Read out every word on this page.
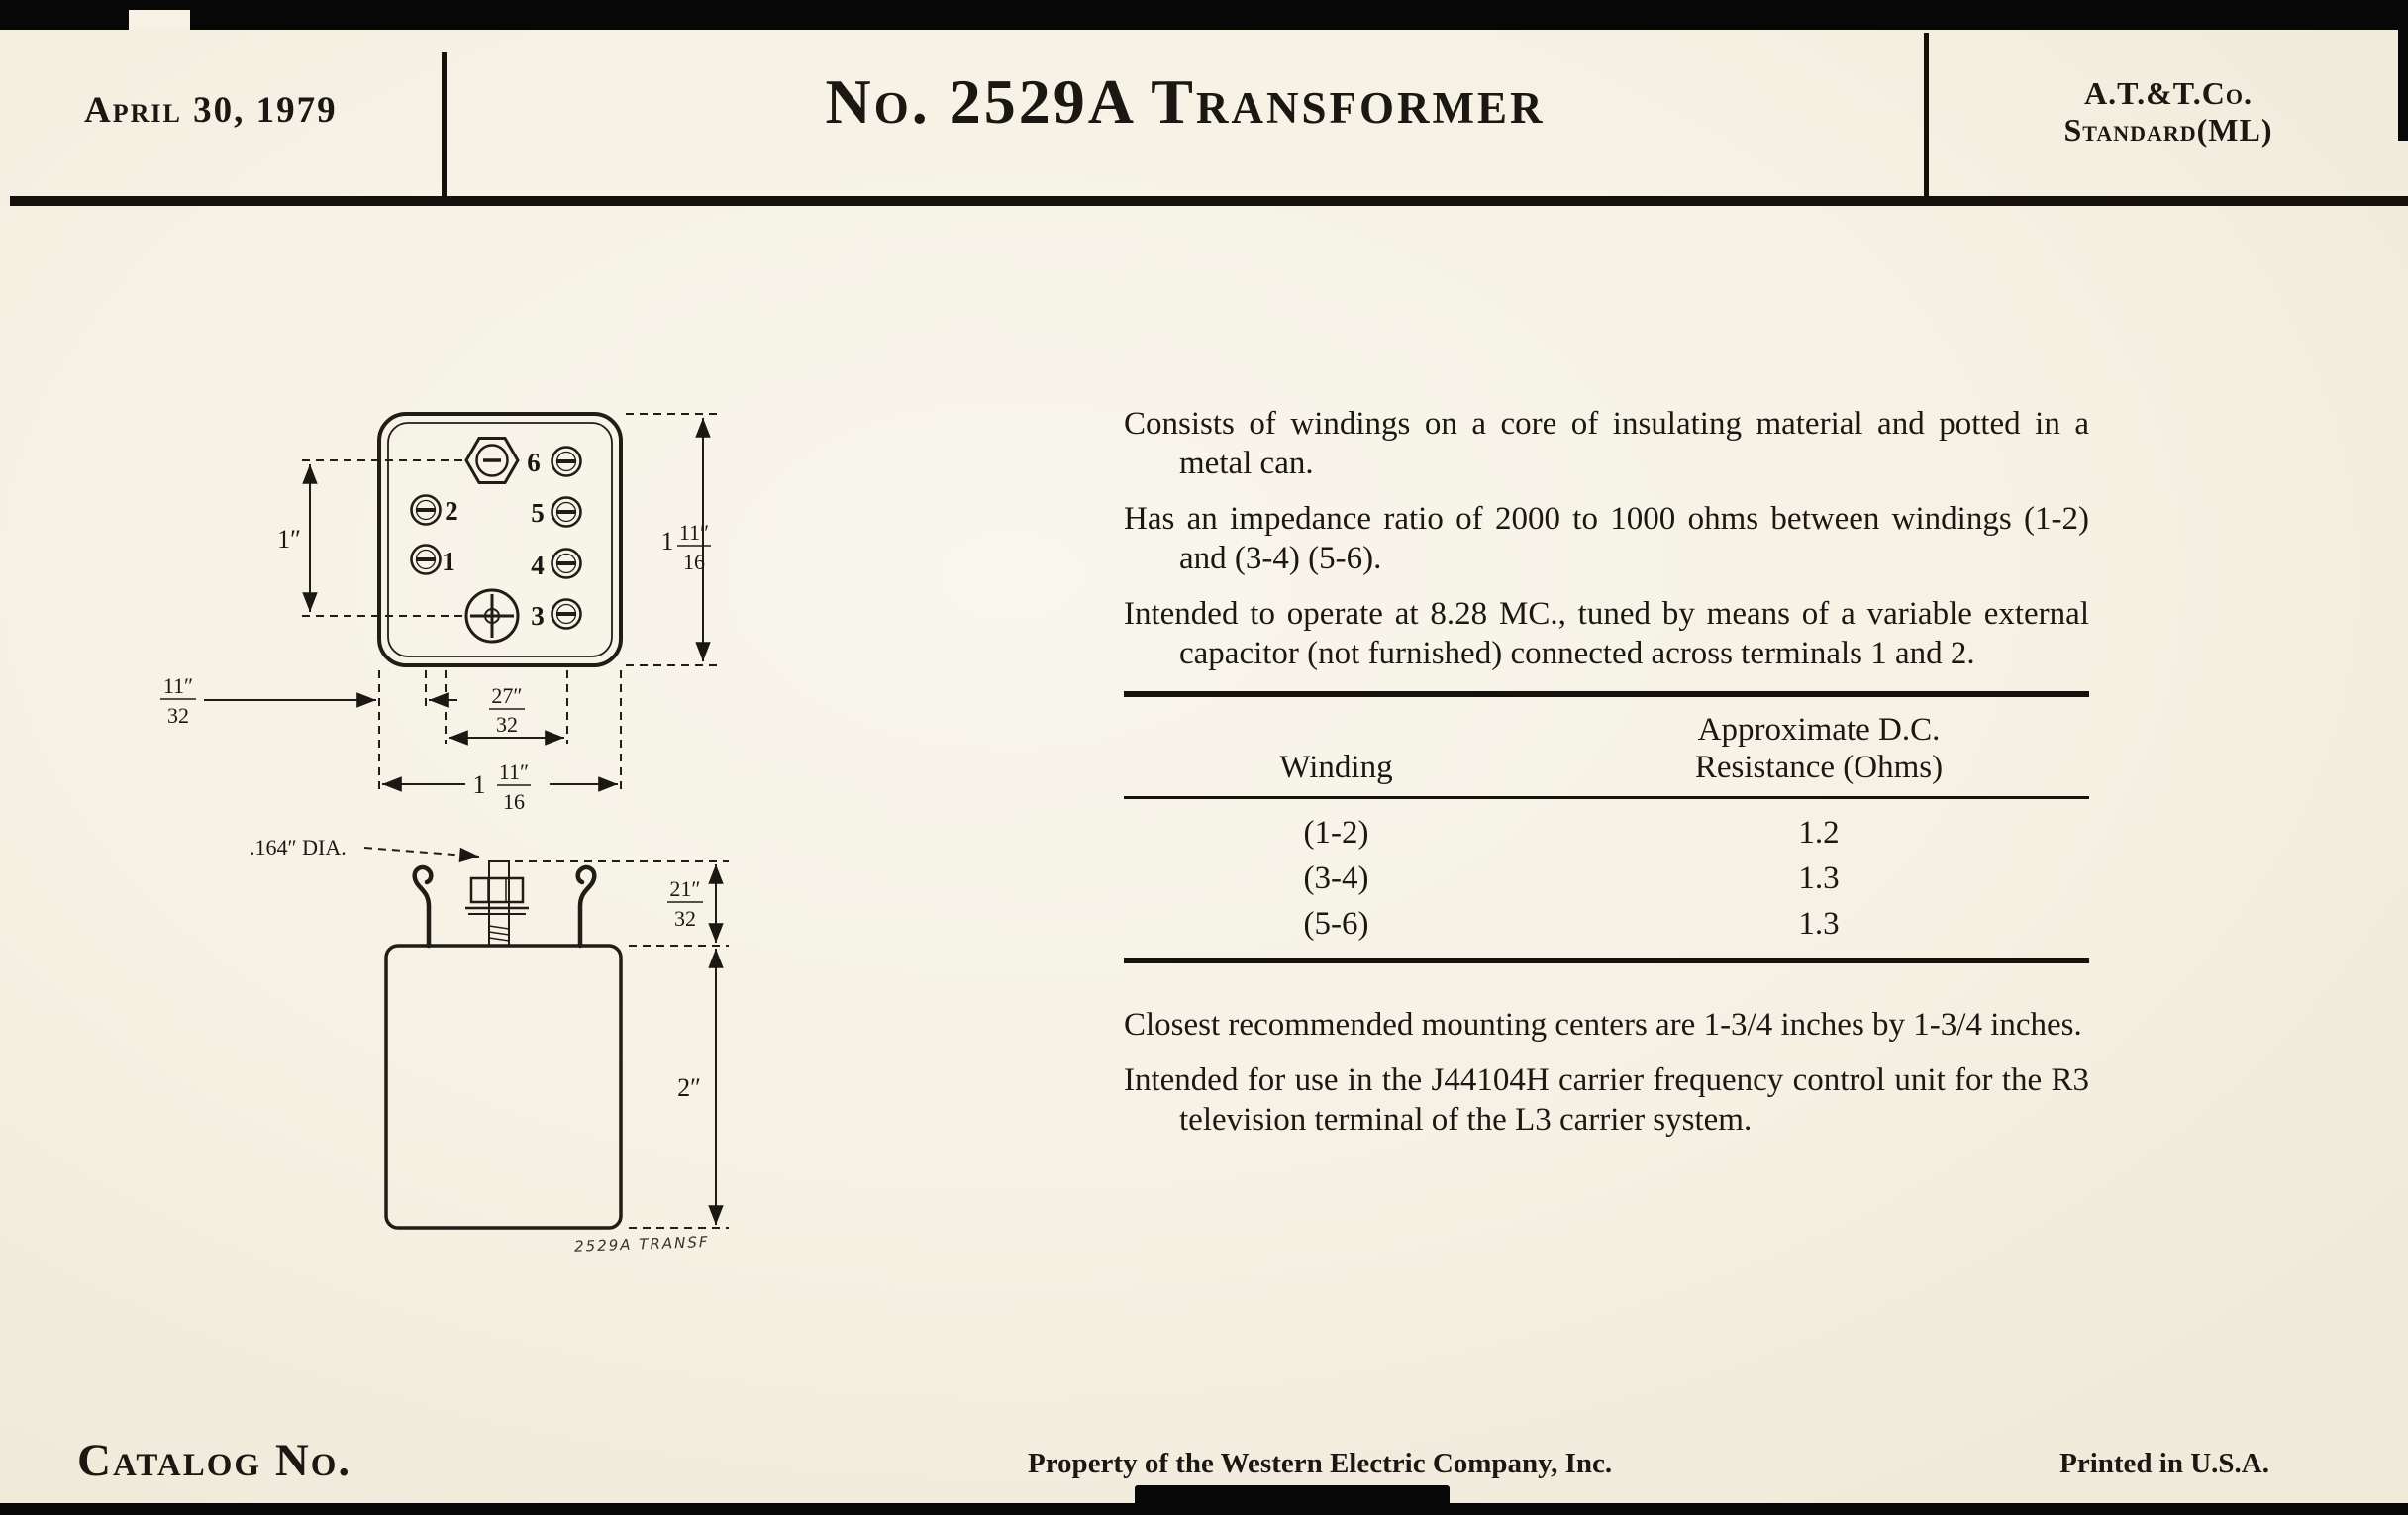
April 30, 1979	No. 2529A Transformer	A.T.&T.Co.
Standard(ML)
1
2
3
4
5
6
1″	1 11″
16
11″
32
27″
32
1 11″
16
.164″ DIA.
21″
32
2″
2529A TRANSF

Consists of windings on a core of insulating material and potted in a metal can.

Has an impedance ratio of 2000 to 1000 ohms between windings (1-2) and (3-4) (5-6).

Intended to operate at 8.28 MC., tuned by means of a variable external capacitor (not furnished) connected across terminals 1 and 2.

Winding	Approximate D.C.
Resistance (Ohms)
(1-2)	1.2
(3-4)	1.3
(5-6)	1.3

Closest recommended mounting centers are 1-3/4 inches by 1-3/4 inches.

Intended for use in the J44104H carrier frequency control unit for the R3 television terminal of the L3 carrier system.

Catalog No.	Property of the Western Electric Company, Inc.	Printed in U.S.A.
